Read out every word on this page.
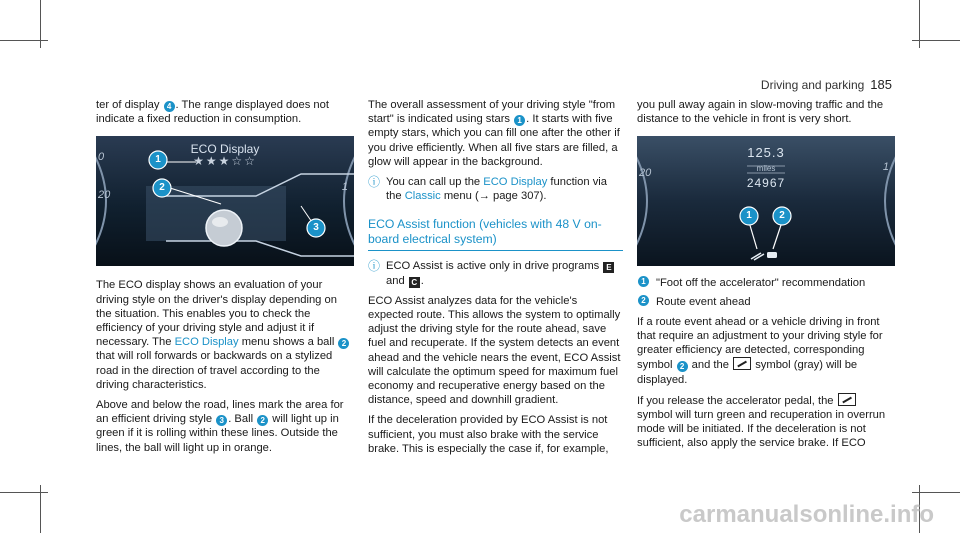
Driving and parking 185

ter of display 4 . The range displayed does not indicate a fixed reduction in consumption.

ECO Display
★★★☆☆
0
20
1
1
2
3

The ECO display shows an evaluation of your driving style on the driver's display depending on the situation. This enables you to check the efficiency of your driving style and adjust it if necessary. The ECO Display menu shows a ball 2 that will roll forwards or backwards on a stylized road in the direction of travel according to the driving characteristics.

Above and below the road, lines mark the area for an efficient driving style 3 . Ball 2 will light up in green if it is rolling within these lines. Outside the lines, the ball will light up in orange.

The overall assessment of your driving style "from start" is indicated using stars 1 . It starts with five empty stars, which you can fill one after the other if you drive efficiently. When all five stars are filled, a glow will appear in the background.

ⓘ You can call up the ECO Display function via the Classic menu (→ page 307).

ECO Assist function (vehicles with 48 V on-board electrical system)

ⓘ ECO Assist is active only in drive programs E and C .

ECO Assist analyzes data for the vehicle's expected route. This allows the system to optimally adjust the driving style for the route ahead, save fuel and recuperate. If the system detects an event ahead and the vehicle nears the event, ECO Assist will calculate the optimum speed for maximum fuel economy and recuperative energy based on the distance, speed and downhill gradient.

If the deceleration provided by ECO Assist is not sufficient, you must also brake with the service brake. This is especially the case if, for example,

you pull away again in slow-moving traffic and the distance to the vehicle in front is very short.

125.3
miles
24967
20	1
1	2
1 "Foot off the accelerator" recommendation
2 Route event ahead

If a route event ahead or a vehicle driving in front that require an adjustment to your driving style for greater efficiency are detected, corresponding symbol 2 and the  symbol (gray) will be displayed.

If you release the accelerator pedal, the  symbol will turn green and recuperation in overrun mode will be initiated. If the deceleration is not sufficient, also apply the service brake. If ECO

carmanualsonline.info
